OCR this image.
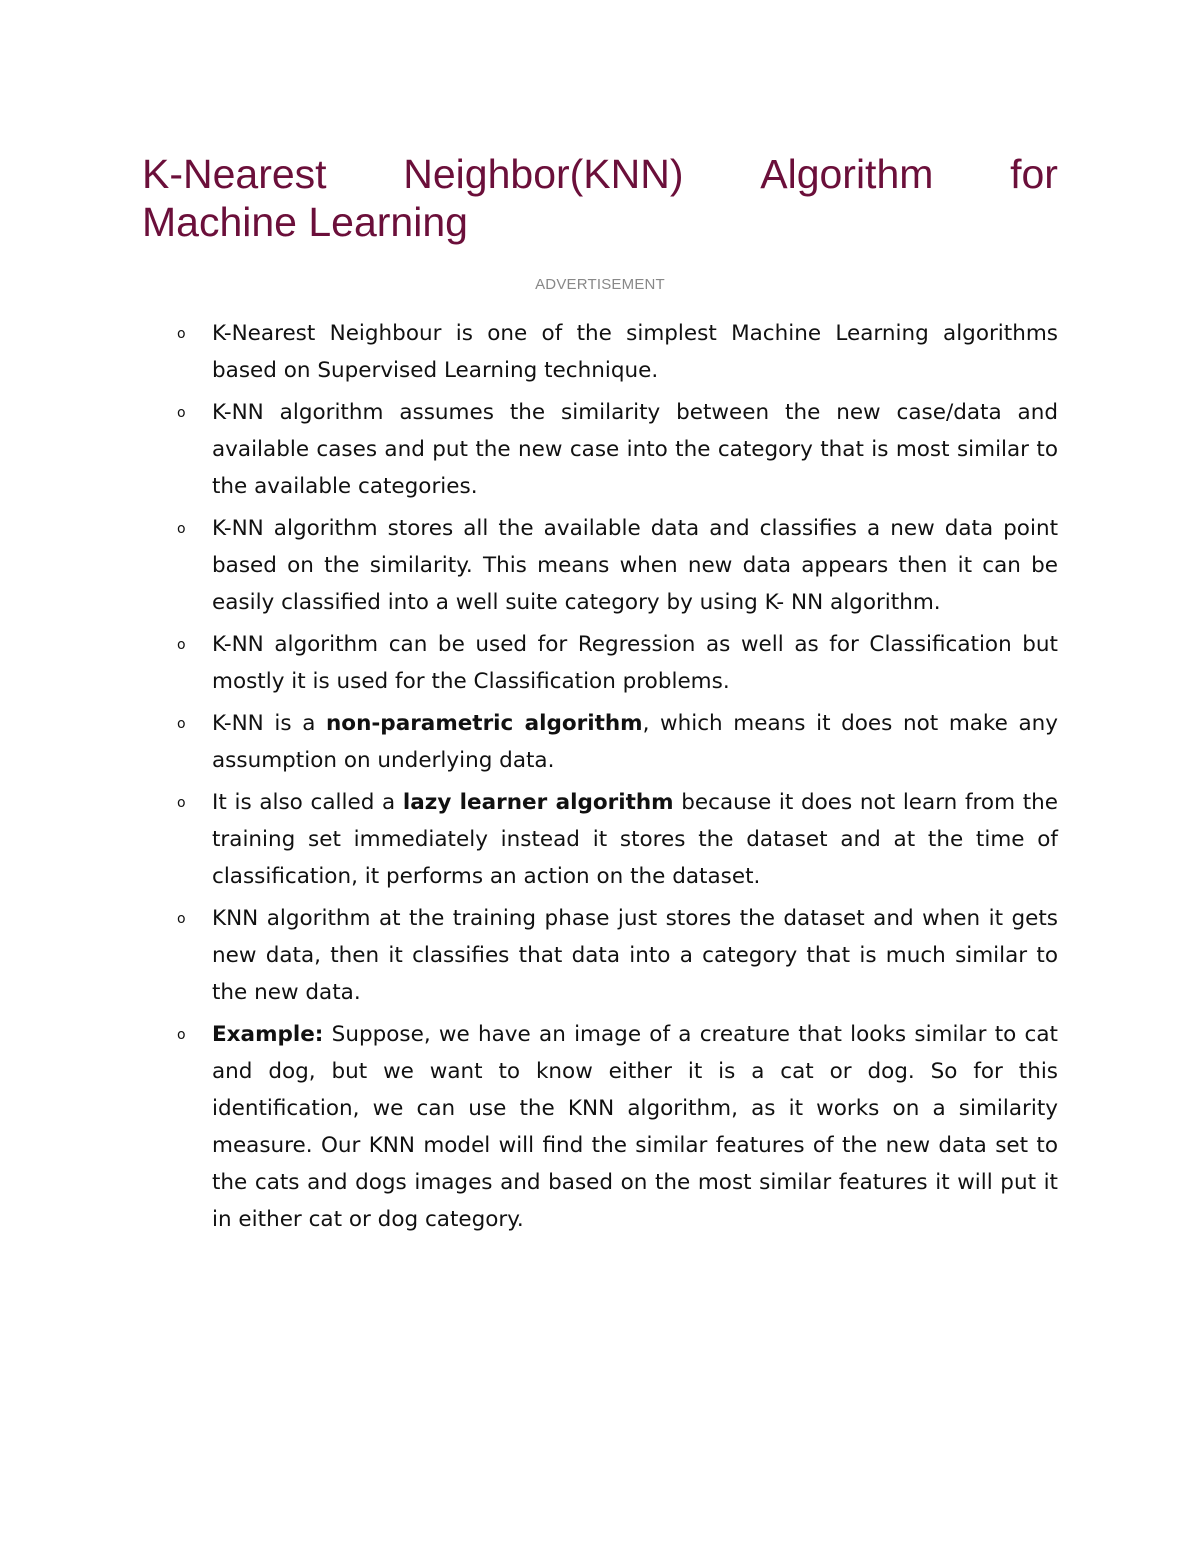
K-Nearest Neighbor(KNN) Algorithm for
Machine Learning
ADVERTISEMENT
o K-Nearest Neighbour is one of the simplest Machine Learning algorithms based on Supervised Learning technique.
o K-NN algorithm assumes the similarity between the new case/data and available cases and put the new case into the category that is most similar to the available categories.
o K-NN algorithm stores all the available data and classifies a new data point based on the similarity. This means when new data appears then it can be easily classified into a well suite category by using K- NN algorithm.
o K-NN algorithm can be used for Regression as well as for Classification but mostly it is used for the Classification problems.
o K-NN is a non-parametric algorithm, which means it does not make any assumption on underlying data.
o It is also called a lazy learner algorithm because it does not learn from the training set immediately instead it stores the dataset and at the time of classification, it performs an action on the dataset.
o KNN algorithm at the training phase just stores the dataset and when it gets new data, then it classifies that data into a category that is much similar to the new data.
o Example: Suppose, we have an image of a creature that looks similar to cat and dog, but we want to know either it is a cat or dog. So for this identification, we can use the KNN algorithm, as it works on a similarity measure. Our KNN model will find the similar features of the new data set to the cats and dogs images and based on the most similar features it will put it in either cat or dog category.
